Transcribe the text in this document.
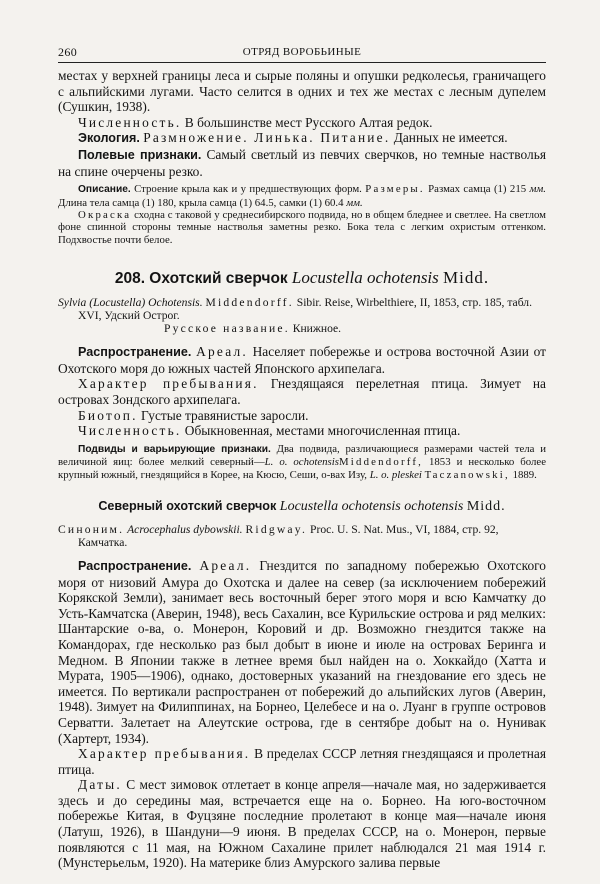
260	ОТРЯД ВОРОБЬИНЫЕ

местах у верхней границы леса и сырые поляны и опушки редколесья, граничащего с альпийскими лугами. Часто селится в одних и тех же местах с лесным дупелем (Сушкин, 1938).

Численность. В большинстве мест Русского Алтая редок.

Экология. Размножение. Линька. Питание. Данных не имеется.

Полевые признаки. Самый светлый из певчих сверчков, но темные настволья на спине очерчены резко.

Описание. Строение крыла как и у предшествующих форм. Размеры. Размах самца (1) 215 мм. Длина тела самца (1) 180, крыла самца (1) 64.5, самки (1) 60.4 мм.

Окраска сходна с таковой у среднесибирского подвида, но в общем бледнее и светлее. На светлом фоне спинной стороны темные настволья заметны резко. Бока тела с легким охристым оттенком. Подхвостье почти белое.

208. Охотский сверчок Locustella ochotensis Midd.

Sylvia (Locustella) Ochotensis. Middendorff. Sibir. Reise, Wirbelthiere, II, 1853, стр. 185, табл. XVI, Удский Острог.
Русское название. Книжное.

Распространение. Ареал. Населяет побережье и острова восточной Азии от Охотского моря до южных частей Японского архипелага.

Характер пребывания. Гнездящаяся перелетная птица. Зимует на островах Зондского архипелага.

Биотоп. Густые травянистые заросли.

Численность. Обыкновенная, местами многочисленная птица.

Подвиды и варьирующие признаки. Два подвида, различающиеся размерами частей тела и величиной яиц: более мелкий северный—L. o. ochotensisMiddendorff, 1853 и несколько более крупный южный, гнездящийся в Корее, на Кюсю, Сеши, о-вах Изу, L. o. pleskei Taczanowski, 1889.

Северный охотский сверчок Locustella ochotensis ochotensis Midd.

Синоним. Acrocephalus dybowskii. Ridgway. Proc. U. S. Nat. Mus., VI, 1884, стр. 92, Камчатка.

Распространение. Ареал. Гнездится по западному побережью Охотского моря от низовий Амура до Охотска и далее на север (за исключением побережий Корякской Земли), занимает весь восточный берег этого моря и всю Камчатку до Усть-Камчатска (Аверин, 1948), весь Сахалин, все Курильские острова и ряд мелких: Шантарские о-ва, о. Монерон, Коровий и др. Возможно гнездится также на Командорах, где несколько раз был добыт в июне и июле на островах Беринга и Медном. В Японии также в летнее время был найден на о. Хоккайдо (Хатта и Мурата, 1905—1906), однако, достоверных указаний на гнездование его здесь не имеется. По вертикали распространен от побережий до альпийских лугов (Аверин, 1948). Зимует на Филиппинах, на Борнео, Целебесе и на о. Луанг в группе островов Серватти. Залетает на Алеутские острова, где в сентябре добыт на о. Нунивак (Хартерт, 1934).

Характер пребывания. В пределах СССР летняя гнездящаяся и пролетная птица.

Даты. С мест зимовок отлетает в конце апреля—начале мая, но задерживается здесь и до середины мая, встречается еще на о. Борнео. На юго-восточном побережье Китая, в Фуцзяне последние пролетают в конце мая—начале июня (Латуш, 1926), в Шандуни—9 июня. В пределах СССР, на о. Монерон, первые появляются с 11 мая, на Южном Сахалине прилет наблюдался 21 мая 1914 г. (Мунстерьельм, 1920). На материке близ Амурского залива первые
